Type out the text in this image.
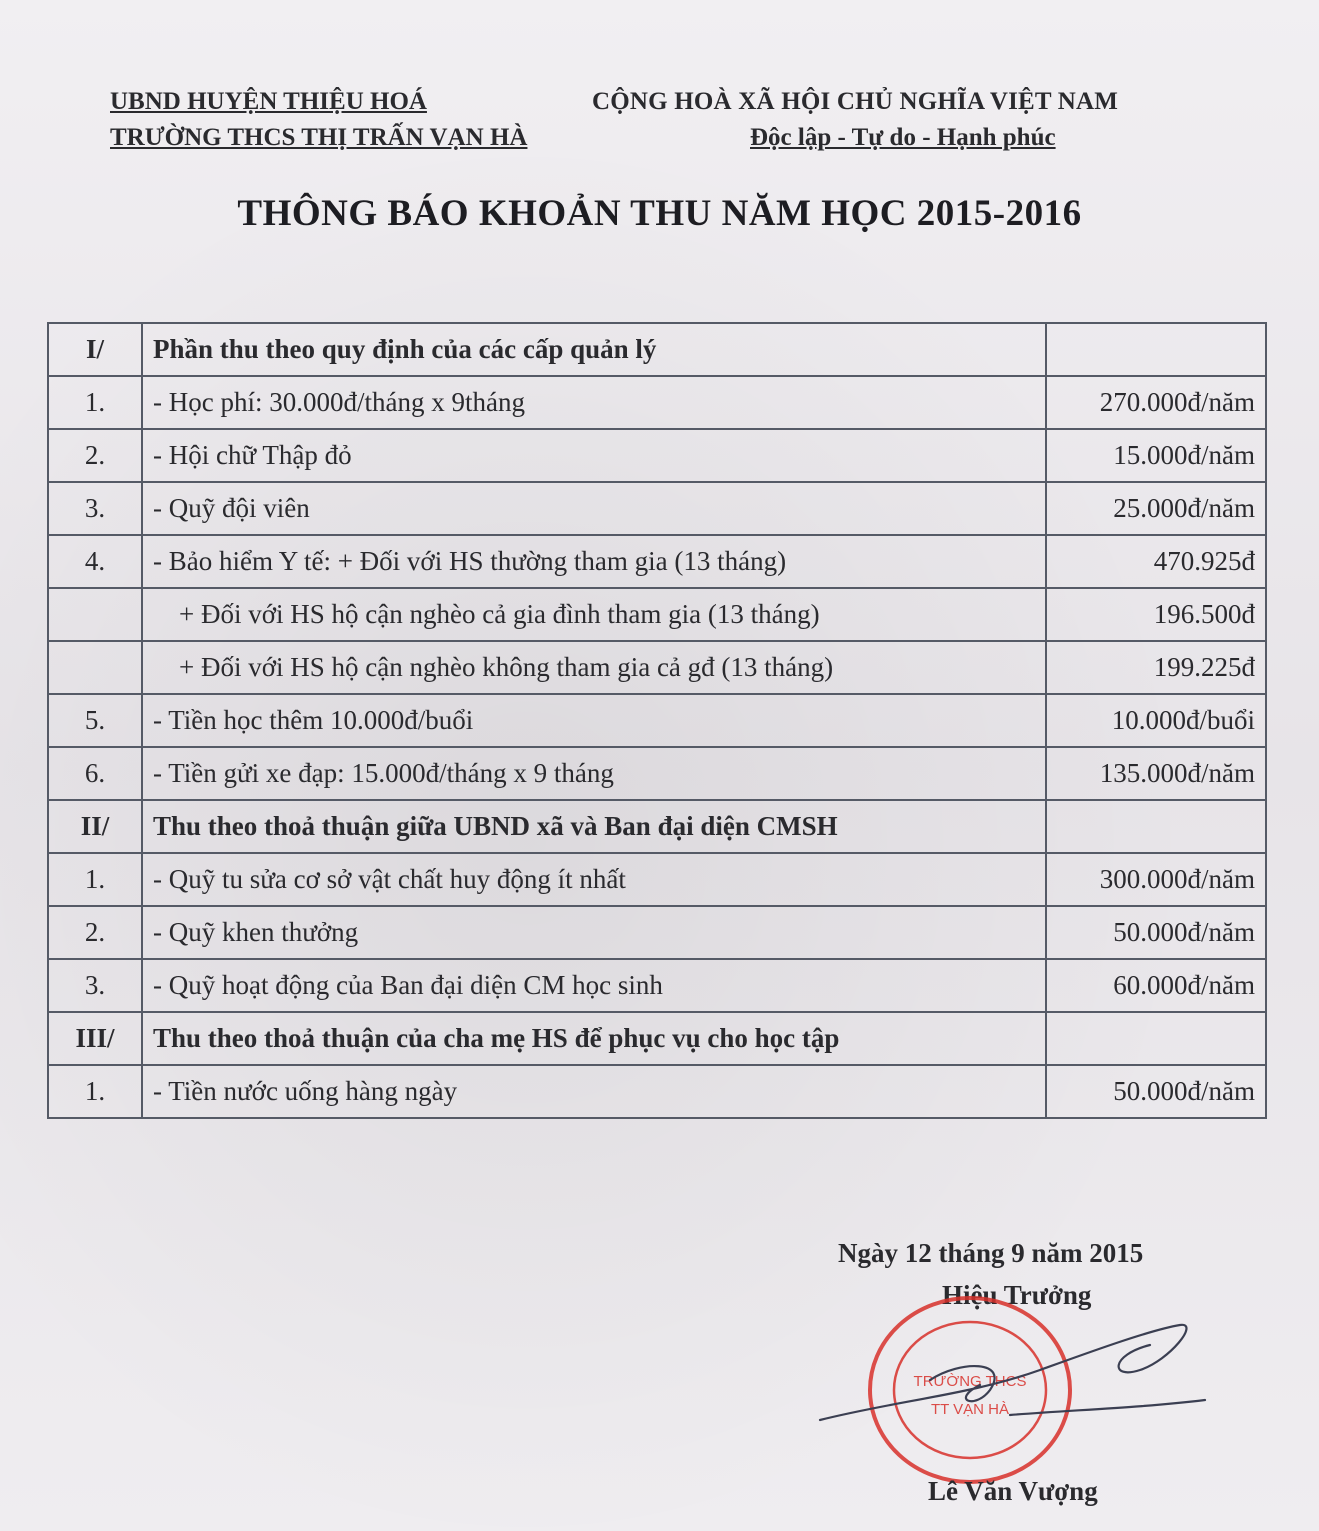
UBND HUYỆN THIỆU HOÁ
TRƯỜNG THCS THỊ TRẤN VẠN HÀ
CỘNG HOÀ XÃ HỘI CHỦ NGHĨA VIỆT NAM
Độc lập - Tự do - Hạnh phúc
THÔNG BÁO KHOẢN THU NĂM HỌC 2015-2016
I/	Phần thu theo quy định của các cấp quản lý	
1.	- Học phí: 30.000đ/tháng x 9tháng	270.000đ/năm
2.	- Hội chữ Thập đỏ	15.000đ/năm
3.	- Quỹ đội viên	25.000đ/năm
4.	- Bảo hiểm Y tế: + Đối với HS thường tham gia (13 tháng)	470.925đ
	+ Đối với HS hộ cận nghèo cả gia đình tham gia (13 tháng)	196.500đ
	+ Đối với HS hộ cận nghèo không tham gia cả gđ (13 tháng)	199.225đ
5.	- Tiền học thêm 10.000đ/buổi	10.000đ/buổi
6.	- Tiền gửi xe đạp: 15.000đ/tháng x 9 tháng	135.000đ/năm
II/	Thu theo thoả thuận giữa UBND xã và Ban đại diện CMSH	
1.	- Quỹ tu sửa cơ sở vật chất huy động ít nhất	300.000đ/năm
2.	- Quỹ khen thưởng	50.000đ/năm
3.	- Quỹ hoạt động của Ban đại diện CM học sinh	60.000đ/năm
III/	Thu theo thoả thuận của cha mẹ HS để phục vụ cho học tập	
1.	- Tiền nước uống hàng ngày	50.000đ/năm
Ngày 12 tháng 9 năm 2015
Hiệu Trưởng
TRƯỜNG THCS
TT VẠN HÀ
Lê Văn Vượng
